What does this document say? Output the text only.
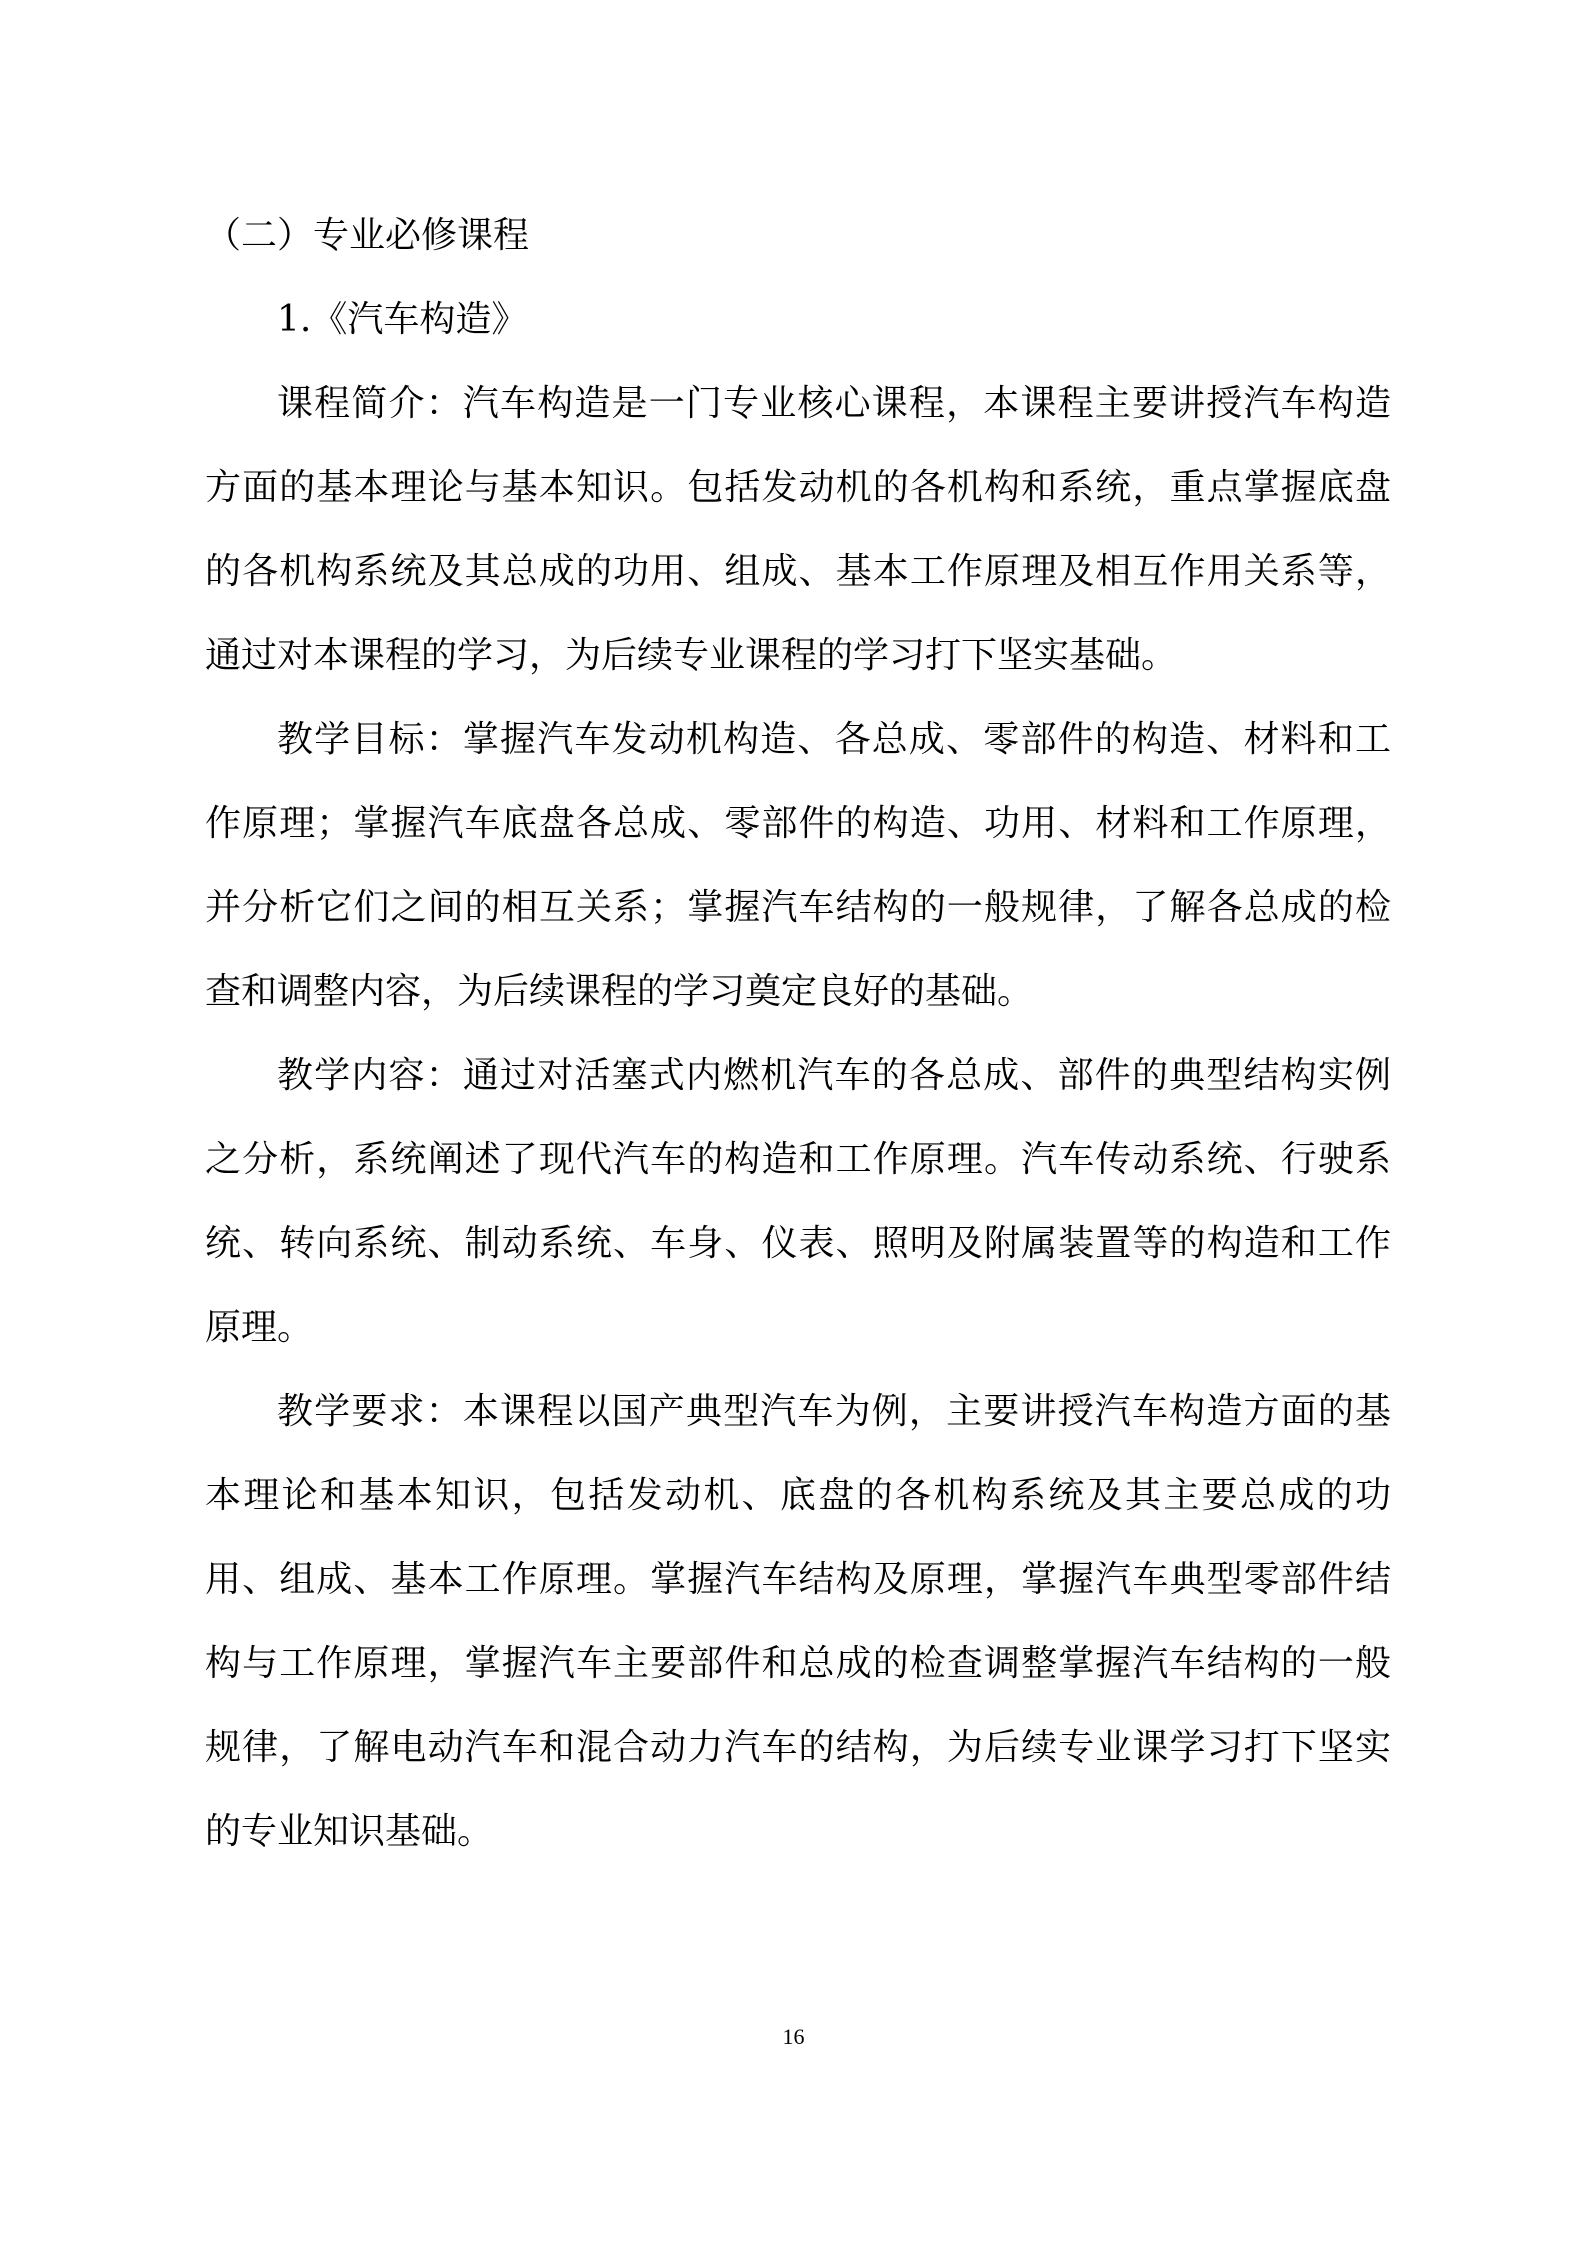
（二）专业必修课程

1.《汽车构造》

课程简介：汽车构造是一门专业核心课程，本课程主要讲授汽车构造方面的基本理论与基本知识。包括发动机的各机构和系统，重点掌握底盘的各机构系统及其总成的功用、组成、基本工作原理及相互作用关系等，通过对本课程的学习，为后续专业课程的学习打下坚实基础。

教学目标：掌握汽车发动机构造、各总成、零部件的构造、材料和工作原理；掌握汽车底盘各总成、零部件的构造、功用、材料和工作原理，并分析它们之间的相互关系；掌握汽车结构的一般规律，了解各总成的检查和调整内容，为后续课程的学习奠定良好的基础。

教学内容：通过对活塞式内燃机汽车的各总成、部件的典型结构实例之分析，系统阐述了现代汽车的构造和工作原理。汽车传动系统、行驶系统、转向系统、制动系统、车身、仪表、照明及附属装置等的构造和工作原理。

教学要求：本课程以国产典型汽车为例，主要讲授汽车构造方面的基本理论和基本知识，包括发动机、底盘的各机构系统及其主要总成的功用、组成、基本工作原理。掌握汽车结构及原理，掌握汽车典型零部件结构与工作原理，掌握汽车主要部件和总成的检查调整掌握汽车结构的一般规律，了解电动汽车和混合动力汽车的结构，为后续专业课学习打下坚实的专业知识基础。

16
